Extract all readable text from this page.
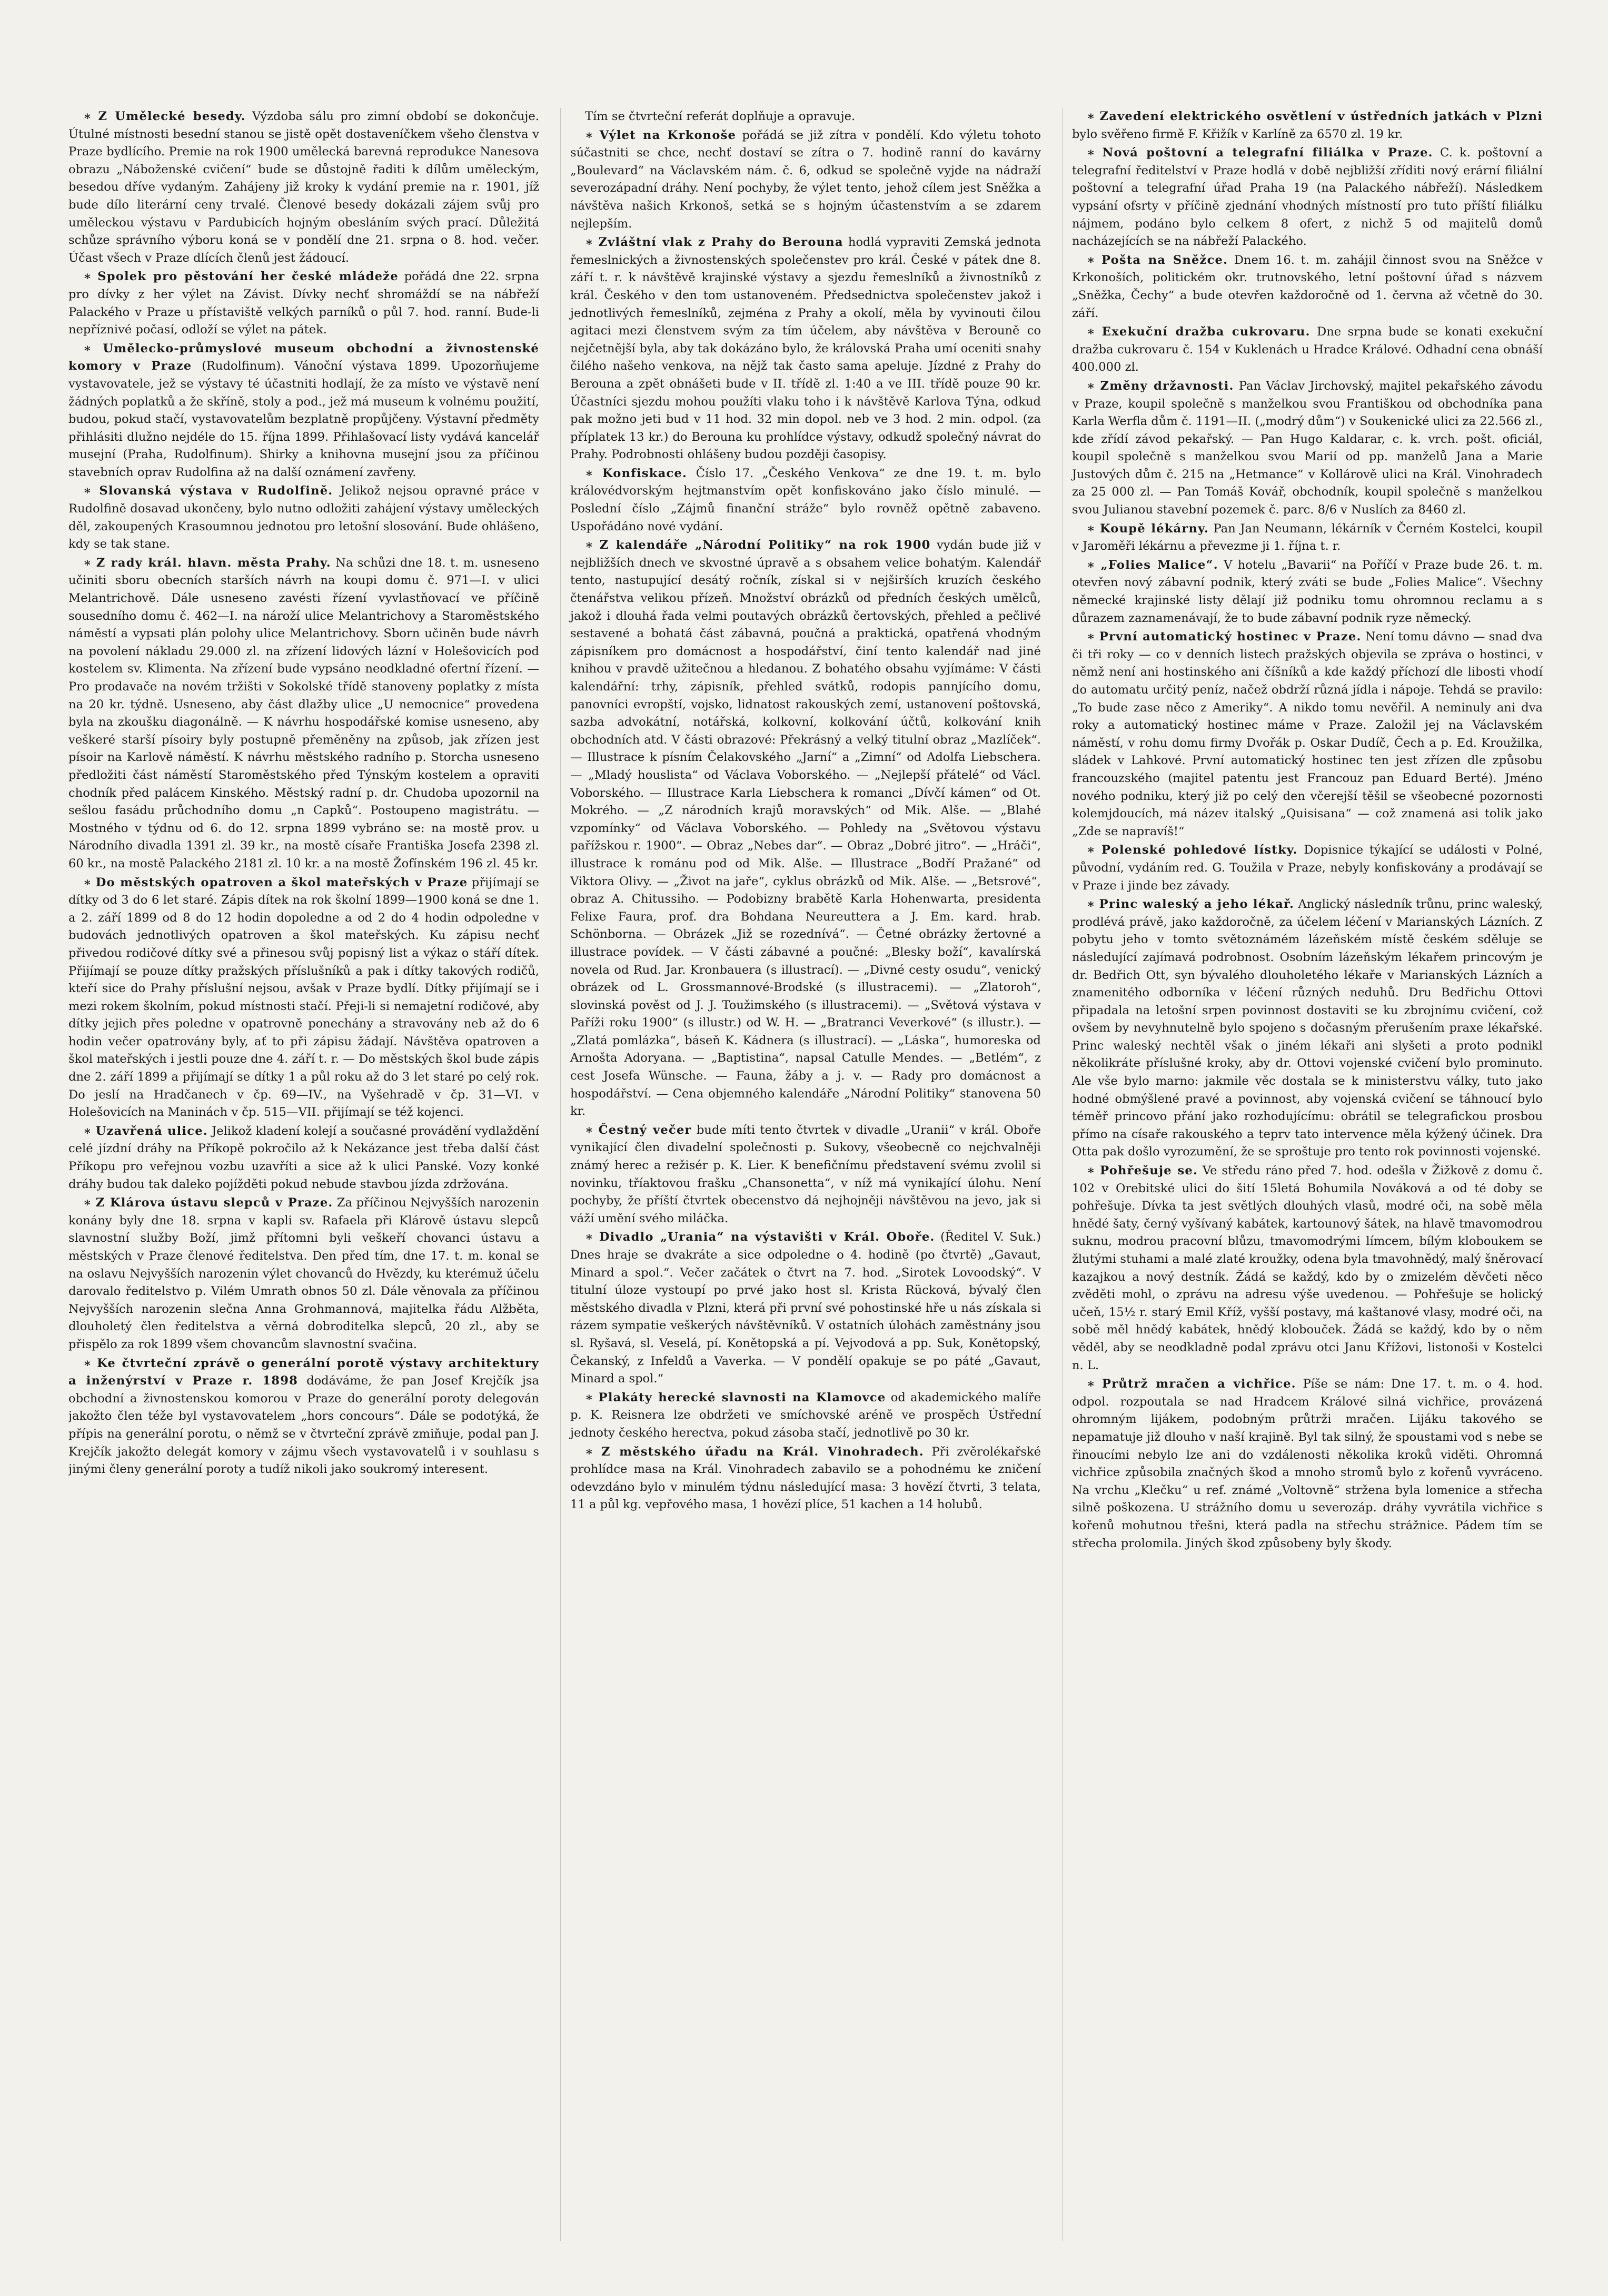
∗ Z Umělecké besedy. Výzdoba sálu pro zimní období se dokončuje. Útulné místnosti besední stanou se jistě opět dostaveníčkem všeho členstva v Praze bydlícího. Premie na rok 1900 umělecká barevná reprodukce Nanesova obrazu „Náboženské cvičení“ bude se důstojně řaditi k dílům uměleckým, besedou dříve vydaným. Zahájeny již kroky k vydání premie na r. 1901, jíž bude dílo literární ceny trvalé. Členové besedy dokázali zájem svůj pro uměleckou výstavu v Pardubicích hojným obesláním svých prací. Důležitá schůze správního výboru koná se v pondělí dne 21. srpna o 8. hod. večer. Účast všech v Praze dlících členů jest žádoucí.

∗ Spolek pro pěstování her české mládeže pořádá dne 22. srpna pro dívky z her výlet na Závist. Dívky nechť shromáždí se na nábřeží Palackého v Praze u přístaviště velkých parníků o půl 7. hod. ranní. Bude-li nepříznivé počasí, odloží se výlet na pátek.

∗ Umělecko-průmyslové museum obchodní a živnostenské komory v Praze (Rudolfinum). Vánoční výstava 1899. Upozorňujeme vystavovatele, jež se výstavy té účastniti hodlají, že za místo ve výstavě není žádných poplatků a že skříně, stoly a pod., jež má museum k volnému použití, budou, pokud stačí, vystavovatelům bezplatně propůjčeny. Výstavní předměty přihlásiti dlužno nejdéle do 15. října 1899. Přihlašovací listy vydává kancelář musejní (Praha, Rudolfinum). Shirky a knihovna musejní jsou za příčinou stavebních oprav Rudolfina až na další oznámení zavřeny.

∗ Slovanská výstava v Rudolfině. Jelikož nejsou opravné práce v Rudolfině dosavad ukončeny, bylo nutno odložiti zahájení výstavy uměleckých děl, zakoupených Krasoumnou jednotou pro letošní slosování. Bude ohlášeno, kdy se tak stane.

∗ Z rady král. hlavn. města Prahy. Na schůzi dne 18. t. m. usneseno učiniti sboru obecních starších návrh na koupi domu č. 971—I. v ulici Melantrichově. Dále usneseno zavésti řízení vyvlastňovací ve příčině sousedního domu č. 462—I. na nároží ulice Melantrichovy a Staroměstského náměstí a vypsati plán polohy ulice Melantrichovy. Sborn učiněn bude návrh na povolení nákladu 29.000 zl. na zřízení lidových lázní v Holešovicích pod kostelem sv. Klimenta. Na zřízení bude vypsáno neodkladné ofertní řízení. — Pro prodavače na novém tržišti v Sokolské třídě stanoveny poplatky z místa na 20 kr. týdně. Usneseno, aby část dlažby ulice „U nemocnice“ provedena byla na zkoušku diagonálně. — K návrhu hospodářské komise usneseno, aby veškeré starší písoiry byly postupně přeměněny na způsob, jak zřízen jest písoir na Karlově náměstí. K návrhu městského radního p. Storcha usneseno předložiti část náměstí Staroměstského před Týnským kostelem a opraviti chodník před palácem Kinského. Městský radní p. dr. Chudoba upozornil na sešlou fasádu průchodního domu „n Capků“. Postoupeno magistrátu. — Mostného v týdnu od 6. do 12. srpna 1899 vybráno se: na mostě prov. u Národního divadla 1391 zl. 39 kr., na mostě císaře Františka Josefa 2398 zl. 60 kr., na mostě Palackého 2181 zl. 10 kr. a na mostě Žofínském 196 zl. 45 kr.

∗ Do městských opatroven a škol mateřských v Praze přijímají se dítky od 3 do 6 let staré. Zápis dítek na rok školní 1899—1900 koná se dne 1. a 2. září 1899 od 8 do 12 hodin dopoledne a od 2 do 4 hodin odpoledne v budovách jednotlivých opatroven a škol mateřských. Ku zápisu nechť přivedou rodičové dítky své a přinesou svůj popisný list a výkaz o stáří dítek. Přijímají se pouze dítky pražských příslušníků a pak i dítky takových rodičů, kteří sice do Prahy příslušní nejsou, avšak v Praze bydlí. Dítky přijímají se i mezi rokem školním, pokud místnosti stačí. Přeji-li si nemajetní rodičové, aby dítky jejich přes poledne v opatrovně ponechány a stravovány neb až do 6 hodin večer opatrovány byly, ať to při zápisu žádají. Návštěva opatroven a škol mateřských i jestli pouze dne 4. září t. r. — Do městských škol bude zápis dne 2. září 1899 a přijímají se dítky 1 a půl roku až do 3 let staré po celý rok. Do jeslí na Hradčanech v čp. 69—IV., na Vyšehradě v čp. 31—VI. v Holešovicích na Maninách v čp. 515—VII. přijímají se též kojenci.

∗ Uzavřená ulice. Jelikož kladení kolejí a současné provádění vydlaždění celé jízdní dráhy na Příkopě pokročilo až k Nekázance jest třeba další část Příkopu pro veřejnou vozbu uzavříti a sice až k ulici Panské. Vozy konké dráhy budou tak daleko pojížděti pokud nebude stavbou jízda zdržována.

∗ Z Klárova ústavu slepců v Praze. Za příčinou Nejvyšších narozenin konány byly dne 18. srpna v kapli sv. Rafaela při Klárově ústavu slepců slavnostní služby Boží, jimž přítomni byli veškeří chovanci ústavu a městských v Praze členové ředitelstva. Den před tím, dne 17. t. m. konal se na oslavu Nejvyšších narozenin výlet chovanců do Hvězdy, ku kterémuž účelu darovalo ředitelstvo p. Vilém Umrath obnos 50 zl. Dále věnovala za příčinou Nejvyšších narozenin slečna Anna Grohmannová, majitelka řádu Alžběta, dlouholetý člen ředitelstva a věrná dobroditelka slepců, 20 zl., aby se přispělo za rok 1899 všem chovancům slavnostní svačina.

∗ Ke čtvrteční zprávě o generální porotě výstavy architektury a inženýrství v Praze r. 1898 dodáváme, že pan Josef Krejčík jsa obchodní a živnostenskou komorou v Praze do generální poroty delegován jakožto člen téže byl vystavovatelem „hors concours“. Dále se podotýká, že přípis na generální porotu, o němž se v čtvrteční zprávě zmiňuje, podal pan J. Krejčík jakožto delegát komory v zájmu všech vystavovatelů i v souhlasu s jinými členy generální poroty a tudíž nikoli jako soukromý interesent.

Tím se čtvrteční referát doplňuje a opravuje.

∗ Výlet na Krkonoše pořádá se již zítra v pondělí. Kdo výletu tohoto súčastniti se chce, nechť dostaví se zítra o 7. hodině ranní do kavárny „Boulevard“ na Václavském nám. č. 6, odkud se společně vyjde na nádraží severozápadní dráhy. Není pochyby, že výlet tento, jehož cílem jest Sněžka a návštěva našich Krkonoš, setká se s hojným účastenstvím a se zdarem nejlepším.

∗ Zvláštní vlak z Prahy do Berouna hodlá vypraviti Zemská jednota řemeslnických a živnostenských společenstev pro král. České v pátek dne 8. září t. r. k návštěvě krajinské výstavy a sjezdu řemeslníků a živnostníků z král. Českého v den tom ustanoveném. Předsednictva společenstev jakož i jednotlivých řemeslníků, zejména z Prahy a okolí, měla by vyvinouti čilou agitaci mezi členstvem svým za tím účelem, aby návštěva v Berouně co nejčetnější byla, aby tak dokázáno bylo, že královská Praha umí oceniti snahy čilého našeho venkova, na nějž tak často sama apeluje. Jízdné z Prahy do Berouna a zpět obnášeti bude v II. třídě zl. 1:40 a ve III. třídě pouze 90 kr. Účastníci sjezdu mohou použíti vlaku toho i k návštěvě Karlova Týna, odkud pak možno jeti bud v 11 hod. 32 min dopol. neb ve 3 hod. 2 min. odpol. (za příplatek 13 kr.) do Berouna ku prohlídce výstavy, odkudž společný návrat do Prahy. Podrobnosti ohlášeny budou později časopisy.

∗ Konfiskace. Číslo 17. „Českého Venkova“ ze dne 19. t. m. bylo královédvorským hejtmanstvím opět konfiskováno jako číslo minulé. — Poslední číslo „Zájmů finanční stráže“ bylo rovněž opětně zabaveno. Uspořádáno nové vydání.

∗ Z kalendáře „Národní Politiky“ na rok 1900 vydán bude již v nejbližších dnech ve skvostné úpravě a s obsahem velice bohatým. Kalendář tento, nastupující desátý ročník, získal si v nejširších kruzích českého čtenářstva velikou přízeň. Množství obrázků od předních českých umělců, jakož i dlouhá řada velmi poutavých obrázků čertovských, přehled a pečlivé sestavené a bohatá část zábavná, poučná a praktická, opatřená vhodným zápisníkem pro domácnost a hospodářství, činí tento kalendář nad jiné knihou v pravdě užitečnou a hledanou. Z bohatého obsahu vyjímáme: V části kalendářní: trhy, zápisník, přehled svátků, rodopis pannjícího domu, panovníci evropští, vojsko, lidnatost rakouských zemí, ustanovení poštovská, sazba advokátní, notářská, kolkovní, kolkování účtů, kolkování knih obchodních atd. V části obrazové: Překrásný a velký titulní obraz „Mazlíček“. — Illustrace k písním Čelakovského „Jarní“ a „Zimní“ od Adolfa Liebschera. — „Mladý houslista“ od Václava Voborského. — „Nejlepší přátelé“ od Václ. Voborského. — Illustrace Karla Liebschera k romanci „Dívčí kámen“ od Ot. Mokrého. — „Z národních krajů moravských“ od Mik. Alše. — „Blahé vzpomínky“ od Václava Voborského. — Pohledy na „Světovou výstavu pařížskou r. 1900“. — Obraz „Nebes dar“. — Obraz „Dobré jitro“. — „Hráči“, illustrace k románu pod od Mik. Alše. — Illustrace „Bodří Pražané“ od Viktora Olivy. — „Život na jaře“, cyklus obrázků od Mik. Alše. — „Betsrové“, obraz A. Chitussiho. — Podobizny brabětě Karla Hohenwarta, presidenta Felixe Faura, prof. dra Bohdana Neureuttera a J. Em. kard. hrab. Schönborna. — Obrázek „Již se rozednívá“. — Četné obrázky žertovné a illustrace povídek. — V části zábavné a poučné: „Blesky boží“, kavalírská novela od Rud. Jar. Kronbauera (s illustrací). — „Divné cesty osudu“, venický obrázek od L. Grossmannové-Brodské (s illustracemi). — „Zlatoroh“, slovinská pověst od J. J. Toužimského (s illustracemi). — „Světová výstava v Paříži roku 1900“ (s illustr.) od W. H. — „Bratranci Veverkové“ (s illustr.). — „Zlatá pomlázka“, báseň K. Kádnera (s illustrací). — „Láska“, humoreska od Arnošta Adoryana. — „Baptistina“, napsal Catulle Mendes. — „Betlém“, z cest Josefa Wünsche. — Fauna, žáby a j. v. — Rady pro domácnost a hospodářství. — Cena objemného kalendáře „Národní Politiky“ stanovena 50 kr.

∗ Čestný večer bude míti tento čtvrtek v divadle „Uranii“ v král. Oboře vynikající člen divadelní společnosti p. Sukovy, všeobecně co nejchvalněji známý herec a režisér p. K. Lier. K benefičnímu představení svému zvolil si novinku, tříaktovou frašku „Chansonetta“, v níž má vynikající úlohu. Není pochyby, že příští čtvrtek obecenstvo dá nejhojněji návštěvou na jevo, jak si váží umění svého miláčka.

∗ Divadlo „Urania“ na výstavišti v Král. Oboře. (Ředitel V. Suk.) Dnes hraje se dvakráte a sice odpoledne o 4. hodině (po čtvrtě) „Gavaut, Minard a spol.“. Večer začátek o čtvrt na 7. hod. „Sirotek Lovoodský“. V titulní úloze vystoupí po prvé jako host sl. Krista Rücková, bývalý člen městského divadla v Plzni, která při první své pohostinské hře u nás získala si rázem sympatie veškerých návštěvníků. V ostatních úlohách zaměstnány jsou sl. Ryšavá, sl. Veselá, pí. Konětopská a pí. Vejvodová a pp. Suk, Konětopský, Čekanský, z Infeldů a Vaverka. — V pondělí opakuje se po páté „Gavaut, Minard a spol.“

∗ Plakáty herecké slavnosti na Klamovce od akademického malíře p. K. Reisnera lze obdržeti ve smíchovské aréně ve prospěch Ústřední jednoty českého herectva, pokud zásoba stačí, jednotlivě po 30 kr.

∗ Z městského úřadu na Král. Vinohradech. Při zvěrolékařské prohlídce masa na Král. Vinohradech zabavilo se a pohodnému ke zničení odevzdáno bylo v minulém týdnu následující masa: 3 hovězí čtvrti, 3 telata, 11 a půl kg. vepřového masa, 1 hovězí plíce, 51 kachen a 14 holubů.

∗ Zavedení elektrického osvětlení v ústředních jatkách v Plzni bylo svěřeno firmě F. Křižík v Karlíně za 6570 zl. 19 kr.

∗ Nová poštovní a telegrafní filiálka v Praze. C. k. poštovní a telegrafní ředitelství v Praze hodlá v době nejbližší zříditi nový erární filiální poštovní a telegrafní úřad Praha 19 (na Palackého nábřeží). Následkem vypsání ofsrty v příčině zjednání vhodných místností pro tuto příští filiálku nájmem, podáno bylo celkem 8 ofert, z nichž 5 od majitelů domů nacházejících se na nábřeží Palackého.

∗ Pošta na Sněžce. Dnem 16. t. m. zahájil činnost svou na Sněžce v Krkonoších, politickém okr. trutnovského, letní poštovní úřad s názvem „Sněžka, Čechy“ a bude otevřen každoročně od 1. června až včetně do 30. září.

∗ Exekuční dražba cukrovaru. Dne srpna bude se konati exekuční dražba cukrovaru č. 154 v Kuklenách u Hradce Králové. Odhadní cena obnáší 400.000 zl.

∗ Změny državnosti. Pan Václav Jirchovský, majitel pekařského závodu v Praze, koupil společně s manželkou svou Františkou od obchodníka pana Karla Werfla dům č. 1191—II. („modrý dům“) v Soukenické ulici za 22.566 zl., kde zřídí závod pekařský. — Pan Hugo Kaldarar, c. k. vrch. pošt. oficiál, koupil společně s manželkou svou Marií od pp. manželů Jana a Marie Justových dům č. 215 na „Hetmance“ v Kollárově ulici na Král. Vinohradech za 25 000 zl. — Pan Tomáš Kovář, obchodník, koupil společně s manželkou svou Julianou stavební pozemek č. parc. 8/6 v Nuslích za 8460 zl.

∗ Koupě lékárny. Pan Jan Neumann, lékárník v Černém Kostelci, koupil v Jaroměři lékárnu a převezme ji 1. října t. r.

∗ „Folies Malice“. V hotelu „Bavarii“ na Poříčí v Praze bude 26. t. m. otevřen nový zábavní podnik, který zváti se bude „Folies Malice“. Všechny německé krajinské listy dělají již podniku tomu ohromnou reclamu a s důrazem zaznamenávají, že to bude zábavní podnik ryze německý.

∗ První automatický hostinec v Praze. Není tomu dávno — snad dva či tři roky — co v denních listech pražských objevila se zpráva o hostinci, v němž není ani hostinského ani číšníků a kde každý příchozí dle libosti vhodí do automatu určitý peníz, načež obdrží různá jídla i nápoje. Tehdá se pravilo: „To bude zase něco z Ameriky“. A nikdo tomu nevěřil. A neminuly ani dva roky a automatický hostinec máme v Praze. Založil jej na Václavském náměstí, v rohu domu firmy Dvořák p. Oskar Dudíč, Čech a p. Ed. Kroužilka, sládek v Lahkové. První automatický hostinec ten jest zřízen dle způsobu francouzského (majitel patentu jest Francouz pan Eduard Berté). Jméno nového podniku, který již po celý den včerejší těšil se všeobecné pozornosti kolemjdoucích, má název italský „Quisisana“ — což znamená asi tolik jako „Zde se napravíš!“

∗ Polenské pohledové lístky. Dopisnice týkající se události v Polné, původní, vydáním red. G. Toužila v Praze, nebyly konfiskovány a prodávají se v Praze i jinde bez závady.

∗ Princ waleský a jeho lékař. Anglický následník trůnu, princ waleský, prodlévá právě, jako každoročně, za účelem léčení v Marianských Lázních. Z pobytu jeho v tomto světoznámém lázeňském místě českém sděluje se následující zajímavá podrobnost. Osobním lázeňským lékařem princovým je dr. Bedřich Ott, syn bývalého dlouholetého lékaře v Marianských Lázních a znamenitého odborníka v léčení různých neduhů. Dru Bedřichu Ottovi připadala na letošní srpen povinnost dostaviti se ku zbrojnímu cvičení, což ovšem by nevyhnutelně bylo spojeno s dočasným přerušením praxe lékařské. Princ waleský nechtěl však o jiném lékaři ani slyšeti a proto podnikl několikráte příslušné kroky, aby dr. Ottovi vojenské cvičení bylo prominuto. Ale vše bylo marno: jakmile věc dostala se k ministerstvu války, tuto jako hodné obmýšlené pravé a povinnost, aby vojenská cvičení se táhnoucí bylo téměř princovo přání jako rozhodujícímu: obrátil se telegrafickou prosbou přímo na císaře rakouského a teprv tato intervence měla kýžený účinek. Dra Otta pak došlo vyrozumění, že se sproštuje pro tento rok povinnosti vojenské.

∗ Pohřešuje se. Ve středu ráno před 7. hod. odešla v Žižkově z domu č. 102 v Orebitské ulici do šití 15letá Bohumila Nováková a od té doby se pohřešuje. Dívka ta jest světlých dlouhých vlasů, modré oči, na sobě měla hnědé šaty, černý vyšívaný kabátek, kartounový šátek, na hlavě tmavomodrou suknu, modrou pracovní blůzu, tmavomodrými límcem, bílým kloboukem se žlutými stuhami a malé zlaté kroužky, odena byla tmavohnědý, malý šněrovací kazajkou a nový destník. Žádá se každý, kdo by o zmizelém děvčeti něco zvěděti mohl, o zprávu na adresu výše uvedenou. — Pohřešuje se holický učeň, 15½ r. starý Emil Kříž, vyšší postavy, má kaštanové vlasy, modré oči, na sobě měl hnědý kabátek, hnědý klobouček. Žádá se každý, kdo by o něm věděl, aby se neodkladně podal zprávu otci Janu Křížovi, listonoši v Kostelci n. L.

∗ Průtrž mračen a vichřice. Píše se nám: Dne 17. t. m. o 4. hod. odpol. rozpoutala se nad Hradcem Králové silná vichřice, provázená ohromným lijákem, podobným průtrži mračen. Lijáku takového se nepamatuje již dlouho v naší krajině. Byl tak silný, že spoustami vod s nebe se řinoucími nebylo lze ani do vzdálenosti několika kroků viděti. Ohromná vichřice způsobila značných škod a mnoho stromů bylo z kořenů vyvráceno. Na vrchu „Klečku“ u ref. známé „Voltovně“ stržena byla lomenice a střecha silně poškozena. U strážního domu u severozáp. dráhy vyvrátila vichřice s kořenů mohutnou třešni, která padla na střechu strážnice. Pádem tím se střecha prolomila. Jiných škod způsobeny byly škody.
